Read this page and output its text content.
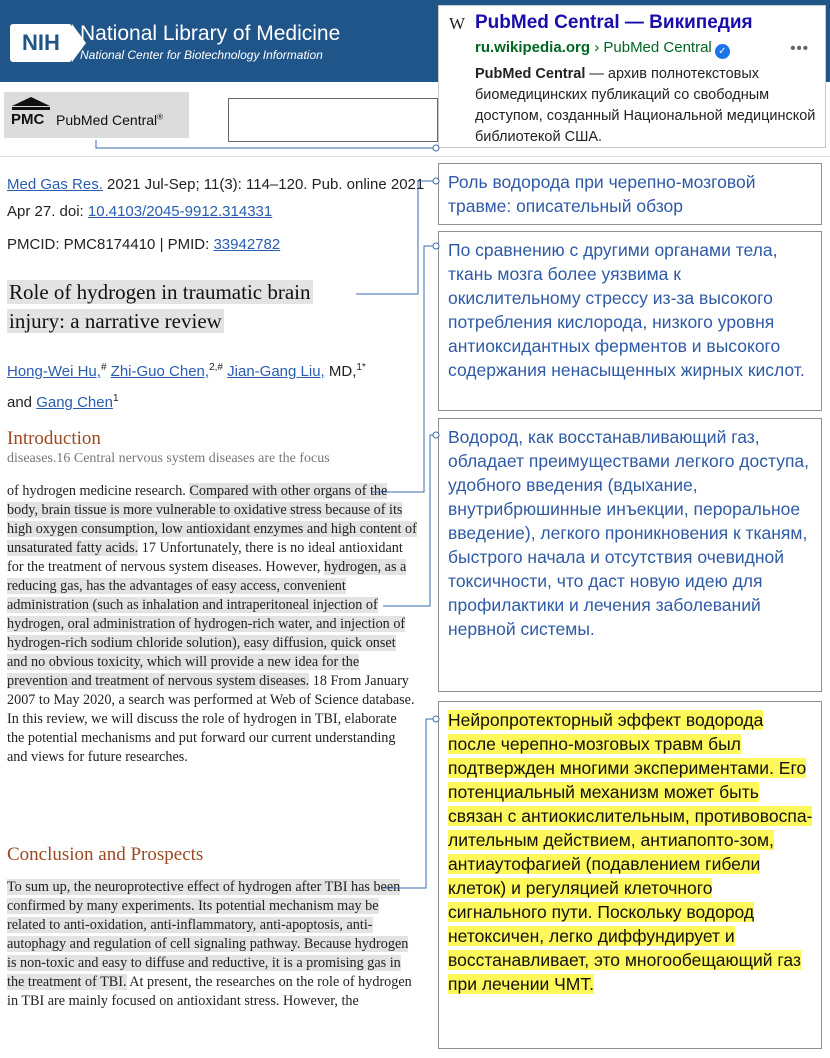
NIH National Library of Medicine
National Center for Biotechnology Information
PMC PubMed Central®
W PubMed Central — Википедия
ru.wikipedia.org › PubMed Central ✓	•••
PubMed Central — архив полнотекстовых биомедицинских публикаций со свободным доступом, созданный Национальной медицинской библиотекой США.
Med Gas Res. 2021 Jul-Sep; 11(3): 114–120. Pub. online 2021 Apr 27. doi: 10.4103/2045-9912.314331
PMCID: PMC8174410 | PMID: 33942782
Role of hydrogen in traumatic brain
injury: a narrative review
Hong-Wei Hu,# Zhi-Guo Chen,$^{2,\#}$ Jian-Gang Liu, MD,$^{1*}$
and Gang Chen$^1$
Introduction
diseases.16 Central nervous system diseases are the focus
of hydrogen medicine research. Compared with other organs of the body, brain tissue is more vulnerable to oxidative stress because of its high oxygen consumption, low antioxidant enzymes and high content of unsaturated fatty acids. 17 Unfortunately, there is no ideal antioxidant for the treatment of nervous system diseases. However, hydrogen, as a reducing gas, has the advantages of easy access, convenient administration (such as inhalation and intraperitoneal injection of hydrogen, oral administration of hydrogen-rich water, and injection of hydrogen-rich sodium chloride solution), easy diffusion, quick onset and no obvious toxicity, which will provide a new idea for the prevention and treatment of nervous system diseases. 18 From January 2007 to May 2020, a search was performed at Web of Science database. In this review, we will discuss the role of hydrogen in TBI, elaborate the potential mechanisms and put forward our current understanding and views for future researches.
Conclusion and Prospects
To sum up, the neuroprotective effect of hydrogen after TBI has been confirmed by many experiments. Its potential mechanism may be related to anti-oxidation, anti-inflammatory, anti-apoptosis, anti-autophagy and regulation of cell signaling pathway. Because hydrogen is non-toxic and easy to diffuse and reductive, it is a promising gas in the treatment of TBI. At present, the researches on the role of hydrogen in TBI are mainly focused on antioxidant stress. However, the
Роль водорода при черепно-мозговой травме: описательный обзор
По сравнению с другими органами тела, ткань мозга более уязвима к окислительному стрессу из-за высокого потребления кислорода, низкого уровня антиоксидантных ферментов и высокого содержания ненасыщенных жирных кислот.
Водород, как восстанавливающий газ, обладает преимуществами легкого доступа, удобного введения (вдыхание, внутрибрюшинные инъекции, пероральное введение), легкого проникновения к тканям, быстрого начала и отсутствия очевидной токсичности, что даст новую идею для профилактики и лечения заболеваний нервной системы.
Нейропротекторный эффект водорода после черепно-мозговых травм был подтвержден многими экспериментами. Его потенциальный механизм может быть связан с антиокислительным, противовоспа-лительным действием, антиапопто-зом, антиаутофагией (подавлением гибели клеток) и регуляцией клеточного сигнального пути. Поскольку водород нетоксичен, легко диффундирует и восстанавливает, это многообещающий газ при лечении ЧМТ.
